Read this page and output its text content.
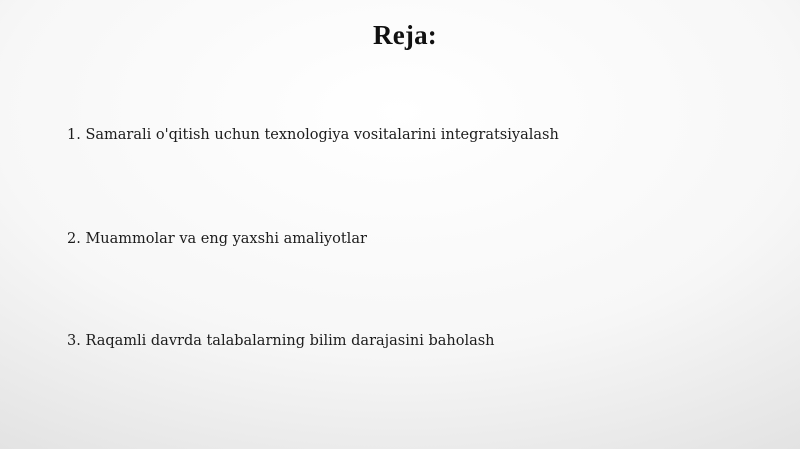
Reja:
1. Samarali o'qitish uchun texnologiya vositalarini integratsiyalash
2. Muammolar va eng yaxshi amaliyotlar
3. Raqamli davrda talabalarning bilim darajasini baholash
